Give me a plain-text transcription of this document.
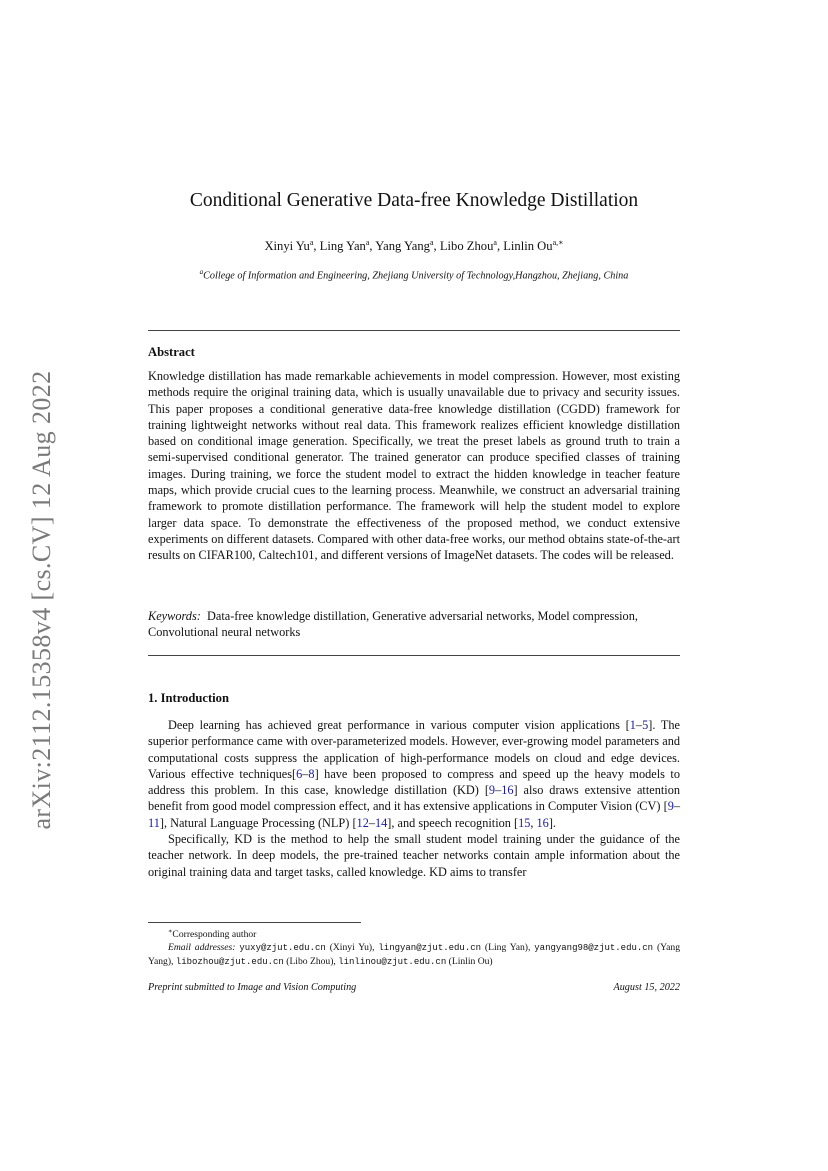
arXiv:2112.15358v4 [cs.CV] 12 Aug 2022
Conditional Generative Data-free Knowledge Distillation
Xinyi Yu$^a$, Ling Yan$^a$, Yang Yang$^a$, Libo Zhou$^a$, Linlin $Ou^{a,∗}$
$^a$College of Information and Engineering, Zhejiang University of Technology,Hangzhou, Zhejiang, China
Abstract
Knowledge distillation has made remarkable achievements in model compression. However, most existing methods require the original training data, which is usually unavailable due to privacy and security issues. This paper proposes a conditional generative data-free knowledge distillation (CGDD) framework for training lightweight networks without real data. This framework realizes efficient knowledge distillation based on conditional image generation. Specifically, we treat the preset labels as ground truth to train a semi-supervised conditional generator. The trained generator can produce specified classes of training images. During training, we force the student model to extract the hidden knowledge in teacher feature maps, which provide crucial cues to the learning process. Meanwhile, we construct an adversarial training framework to promote distillation performance. The framework will help the student model to explore larger data space. To demonstrate the effectiveness of the proposed method, we conduct extensive experiments on different datasets. Compared with other data-free works, our method obtains state-of-the-art results on CIFAR100, Caltech101, and different versions of ImageNet datasets. The codes will be released.
Keywords: Data-free knowledge distillation, Generative adversarial networks, Model compression, Convolutional neural networks
1. Introduction

Deep learning has achieved great performance in various computer vision applications [1–5]. The superior performance came with over-parameterized models. However, ever-growing model parameters and computational costs suppress the application of high-performance models on cloud and edge devices. Various effective techniques[6–8] have been proposed to compress and speed up the heavy models to address this problem. In this case, knowledge distillation (KD) [9–16] also draws extensive attention benefit from good model compression effect, and it has extensive applications in Computer Vision (CV) [9–11], Natural Language Processing (NLP) [12–14], and speech recognition [15, 16].

Specifically, KD is the method to help the small student model training under the guidance of the teacher network. In deep models, the pre-trained teacher networks contain ample information about the original training data and target tasks, called knowledge. KD aims to transfer

∗Corresponding author
Email addresses: yuxy@zjut.edu.cn (Xinyi Yu), lingyan@zjut.edu.cn (Ling Yan), yangyang98@zjut.edu.cn (Yang Yang), libozhou@zjut.edu.cn (Libo Zhou), linlinou@zjut.edu.cn (Linlin Ou)
Preprint submitted to Image and Vision Computing	August 15, 2022
